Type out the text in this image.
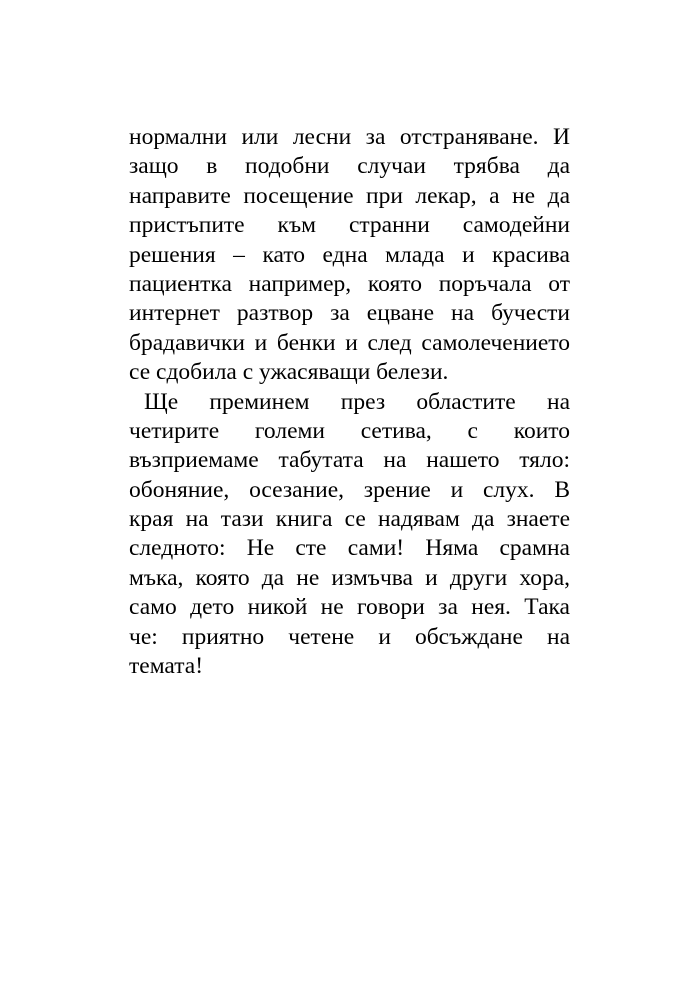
нормални или лесни за отстраняване. И
защо в подобни случаи трябва да
направите посещение при лекар, а не да
пристъпите към странни самодейни
решения – като една млада и красива
пациентка например, която поръчала от
интернет разтвор за ецване на бучести
брадавички и бенки и след самолечението
се сдобила с ужасяващи белези.
Ще преминем през областите на
четирите големи сетива, с които
възприемаме табутата на нашето тяло:
обоняние, осезание, зрение и слух. В
края на тази книга се надявам да знаете
следното: Не сте сами! Няма срамна
мъка, която да не измъчва и други хора,
само дето никой не говори за нея. Така
че: приятно четене и обсъждане на
темата!
